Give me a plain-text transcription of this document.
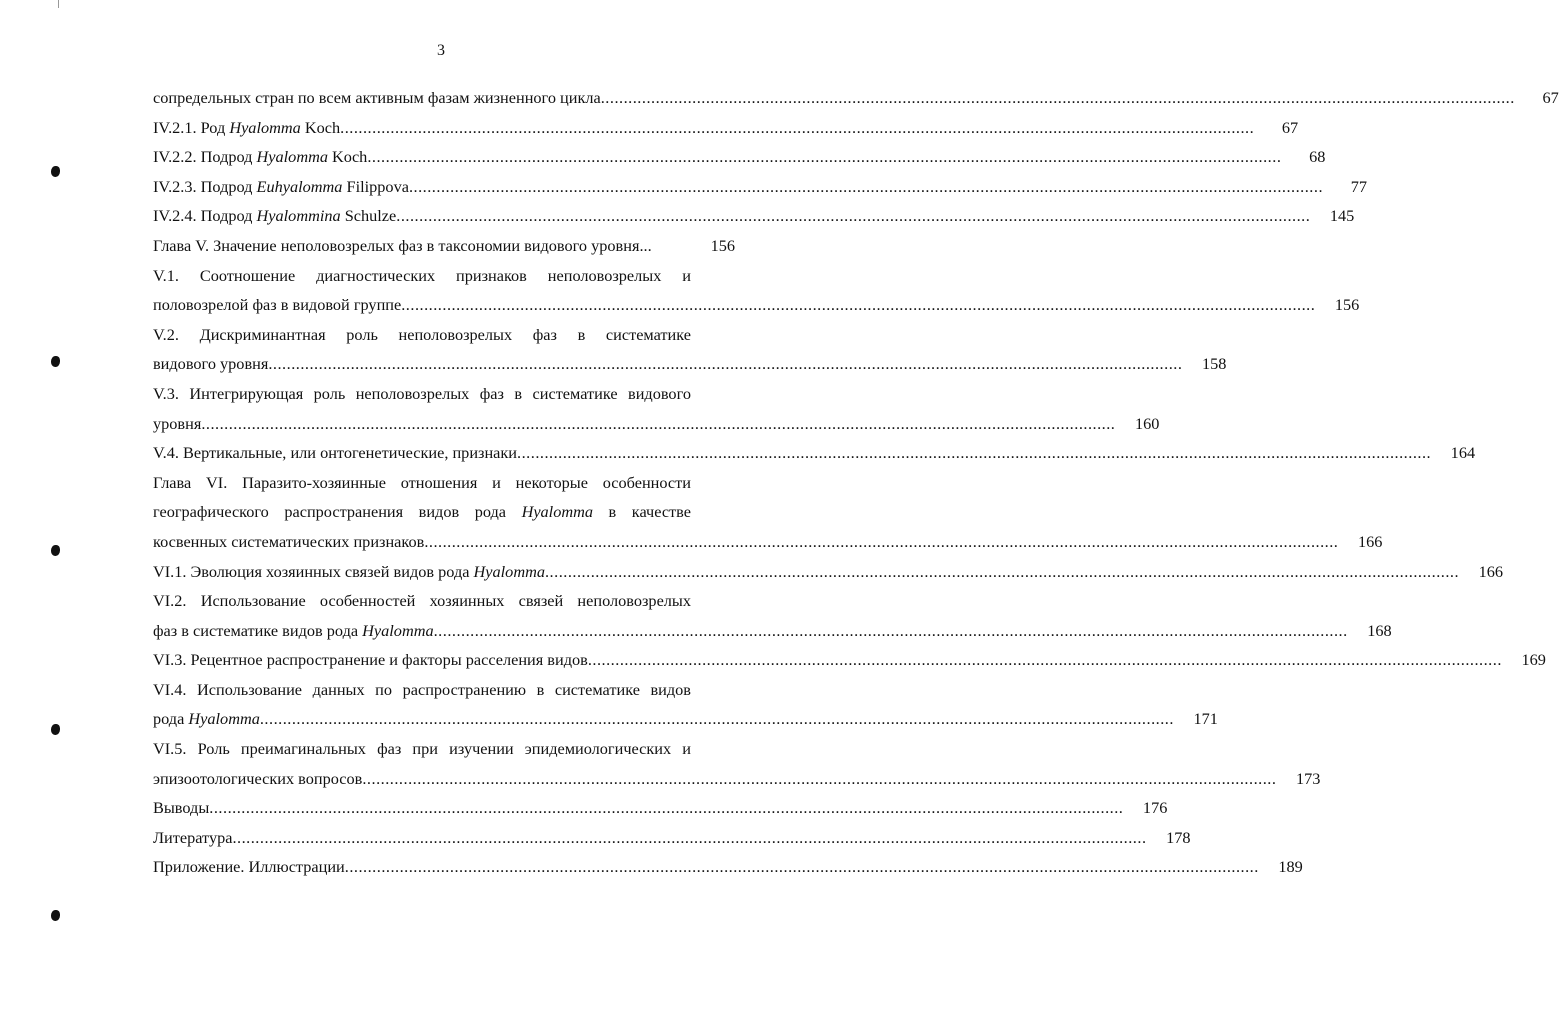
3
сопредельных стран по всем активным фазам жизненного цикла ........................................................................................................................................................................................................	67
IV.2.1. Род Hyalomma Koch ........................................................................................................................................................................................................	67
IV.2.2. Подрод Hyalomma Koch ........................................................................................................................................................................................................	68
IV.2.3. Подрод Euhyalomma Filippova ........................................................................................................................................................................................................	77
IV.2.4. Подрод Hyalommina Schulze ........................................................................................................................................................................................................	145
Глава V. Значение неполовозрелых фаз в таксономии видового уровня...	156
V.1. Соотношение диагностических признаков неполовозрелых и
половозрелой фаз в видовой группе ........................................................................................................................................................................................................	156
V.2. Дискриминантная роль неполовозрелых фаз в систематике
видового уровня ........................................................................................................................................................................................................	158
V.3. Интегрирующая роль неполовозрелых фаз в систематике видового
уровня ........................................................................................................................................................................................................	160
V.4. Вертикальные, или онтогенетические, признаки ........................................................................................................................................................................................................	164
Глава VI. Паразито-хозяинные отношения и некоторые особенности
географического распространения видов рода Hyalomma в качестве
косвенных систематических признаков ........................................................................................................................................................................................................	166
VI.1. Эволюция хозяинных связей видов рода Hyalomma ........................................................................................................................................................................................................	166
VI.2. Использование особенностей хозяинных связей неполовозрелых
фаз в систематике видов рода Hyalomma ........................................................................................................................................................................................................	168
VI.3. Рецентное распространение и факторы расселения видов ........................................................................................................................................................................................................	169
VI.4. Использование данных по распространению в систематике видов
рода Hyalomma ........................................................................................................................................................................................................	171
VI.5. Роль преимагинальных фаз при изучении эпидемиологических и
эпизоотологических вопросов ........................................................................................................................................................................................................	173
Выводы ........................................................................................................................................................................................................	176
Литература ........................................................................................................................................................................................................	178
Приложение. Иллюстрации ........................................................................................................................................................................................................	189
